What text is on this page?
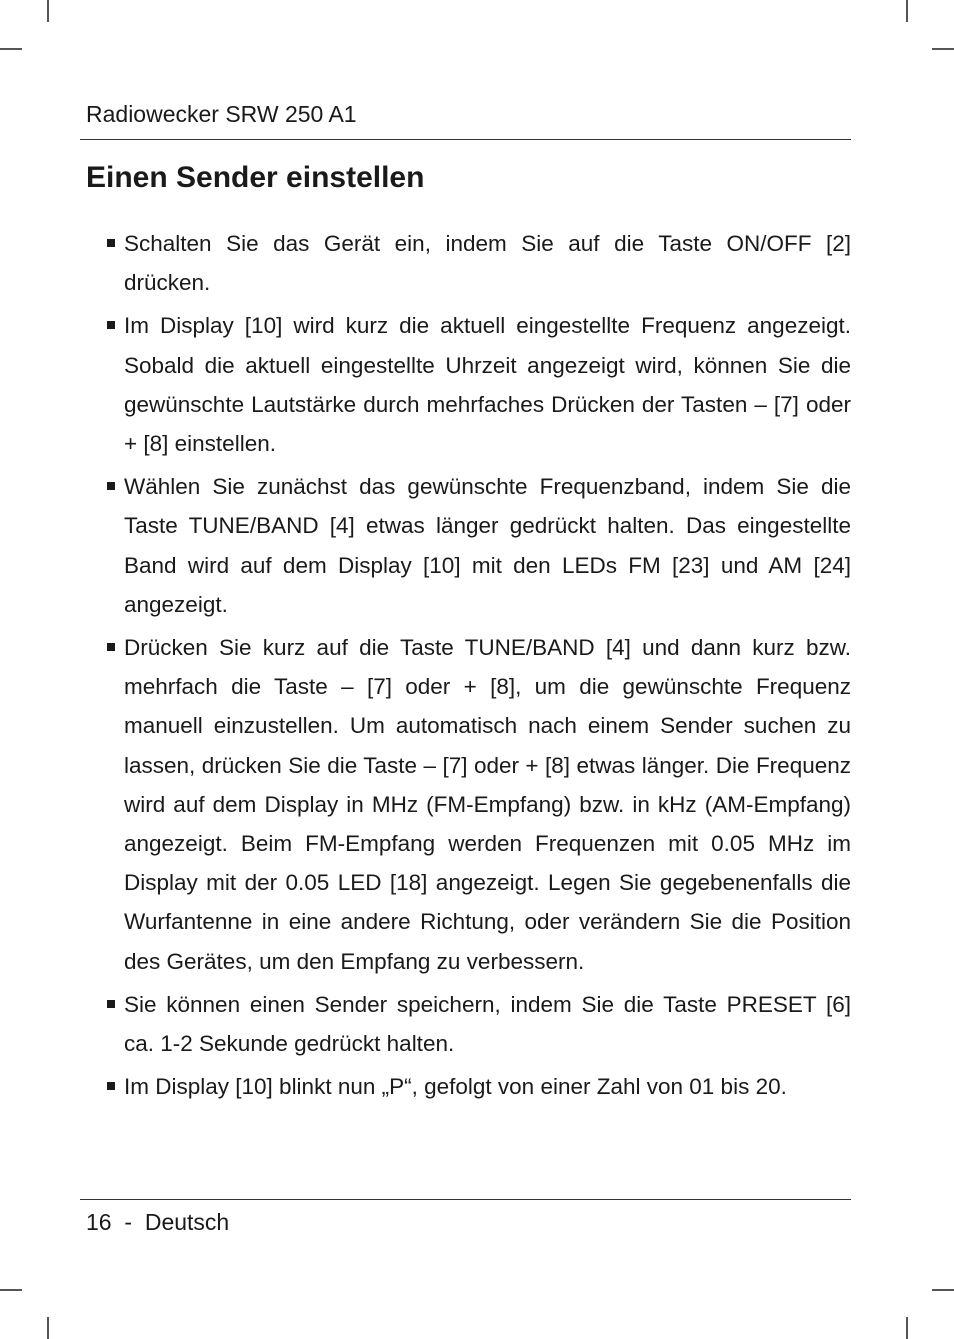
Radiowecker SRW 250 A1
Einen Sender einstellen

Schalten Sie das Gerät ein, indem Sie auf die Taste ON/OFF [2] drücken.

Im Display [10] wird kurz die aktuell eingestellte Frequenz angezeigt. Sobald die aktuell eingestellte Uhrzeit angezeigt wird, können Sie die gewünschte Lautstärke durch mehrfaches Drücken der Tasten – [7] oder + [8] einstellen.

Wählen Sie zunächst das gewünschte Frequenzband, indem Sie die Taste TUNE/BAND [4] etwas länger gedrückt halten. Das eingestellte Band wird auf dem Display [10] mit den LEDs FM [23] und AM [24] angezeigt.

Drücken Sie kurz auf die Taste TUNE/BAND [4] und dann kurz bzw. mehrfach die Taste – [7] oder + [8], um die gewünschte Frequenz manuell einzustellen. Um automatisch nach einem Sender suchen zu lassen, drücken Sie die Taste – [7] oder + [8] etwas länger. Die Frequenz wird auf dem Display in MHz (FM-Empfang) bzw. in kHz (AM-Empfang) angezeigt. Beim FM-Empfang werden Frequenzen mit 0.05 MHz im Display mit der 0.05 LED [18] angezeigt. Legen Sie gegebenenfalls die Wurfantenne in eine andere Richtung, oder verändern Sie die Position des Gerätes, um den Empfang zu verbessern.

Sie können einen Sender speichern, indem Sie die Taste PRESET [6] ca. 1-2 Sekunde gedrückt halten.

Im Display [10] blinkt nun „P“, gefolgt von einer Zahl von 01 bis 20.

16 - Deutsch
